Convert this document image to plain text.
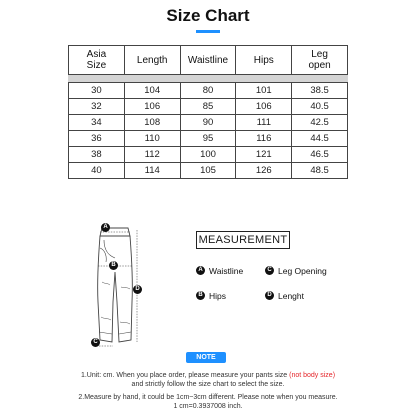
Size Chart
Asia
Size	Length	Waistline	Hips	Leg
open

30	104	80	101	38.5
32	106	85	106	40.5
34	108	90	111	42.5
36	110	95	116	44.5
38	112	100	121	46.5
40	114	105	126	48.5
A
B
D
C
MEASUREMENT
A Waistline	C Leg Opening
B Hips	D Lenght
NOTE
1.Unit: cm. When you place order, please measure your pants size (not body size)
and strictly follow the size chart to select the size.
2.Measure by hand, it could be 1cm~3cm different. Please note when you measure.
1 cm=0.3937008 inch.
